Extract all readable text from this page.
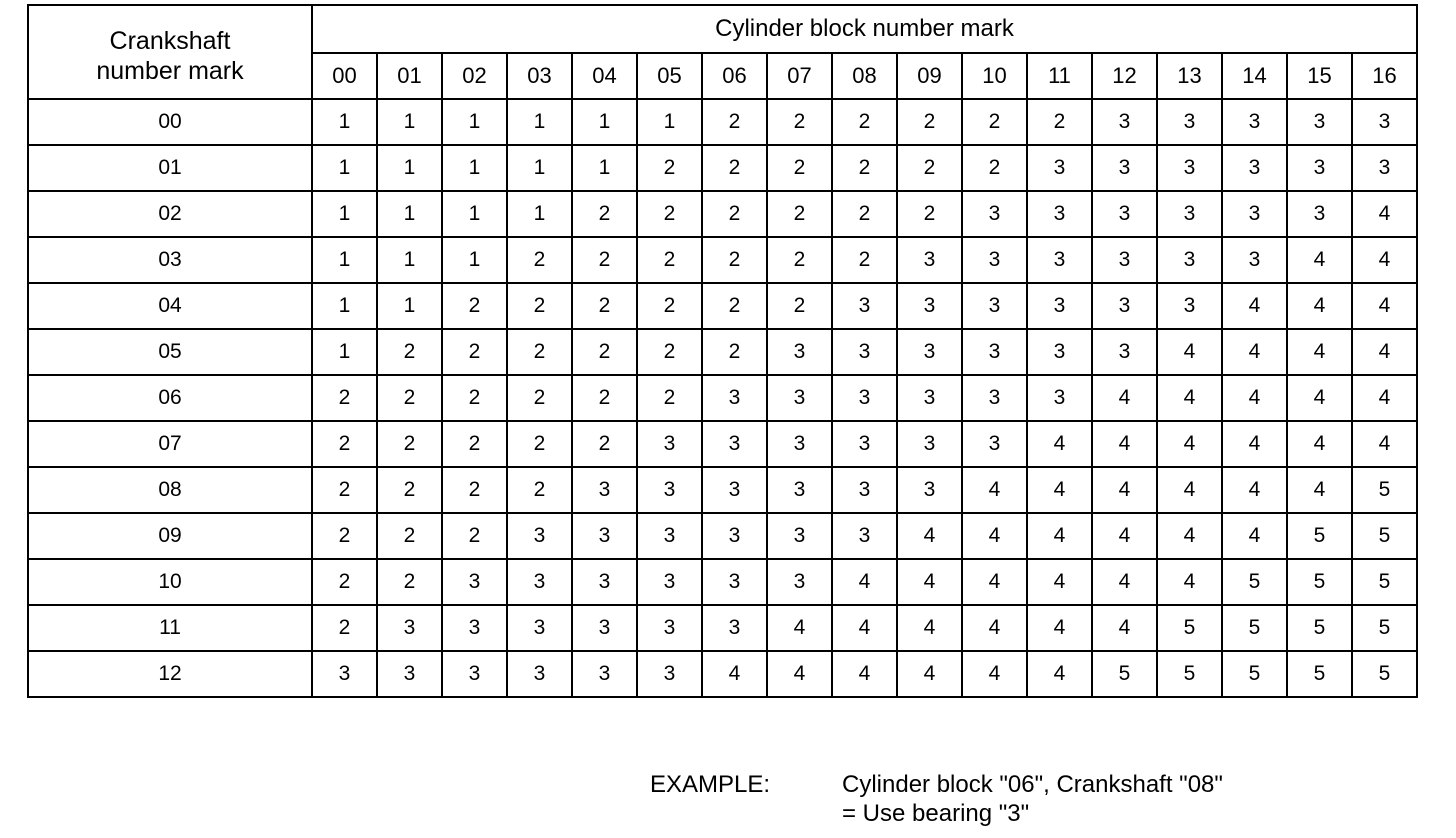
Crankshaft
number mark	Cylinder block number mark																
	00	01	02	03	04	05	06	07	08	09	10	11	12	13	14	15	16
00	1	1	1	1	1	1	2	2	2	2	2	2	3	3	3	3	3
01	1	1	1	1	1	2	2	2	2	2	2	3	3	3	3	3	3
02	1	1	1	1	2	2	2	2	2	2	3	3	3	3	3	3	4
03	1	1	1	2	2	2	2	2	2	3	3	3	3	3	3	4	4
04	1	1	2	2	2	2	2	2	3	3	3	3	3	3	4	4	4
05	1	2	2	2	2	2	2	3	3	3	3	3	3	4	4	4	4
06	2	2	2	2	2	2	3	3	3	3	3	3	4	4	4	4	4
07	2	2	2	2	2	3	3	3	3	3	3	4	4	4	4	4	4
08	2	2	2	2	3	3	3	3	3	3	4	4	4	4	4	4	5
09	2	2	2	3	3	3	3	3	3	4	4	4	4	4	4	5	5
10	2	2	3	3	3	3	3	3	4	4	4	4	4	4	5	5	5
11	2	3	3	3	3	3	3	4	4	4	4	4	4	5	5	5	5
12	3	3	3	3	3	3	4	4	4	4	4	4	5	5	5	5	5
EXAMPLE:	Cylinder block "06", Crankshaft "08"
= Use bearing "3"
